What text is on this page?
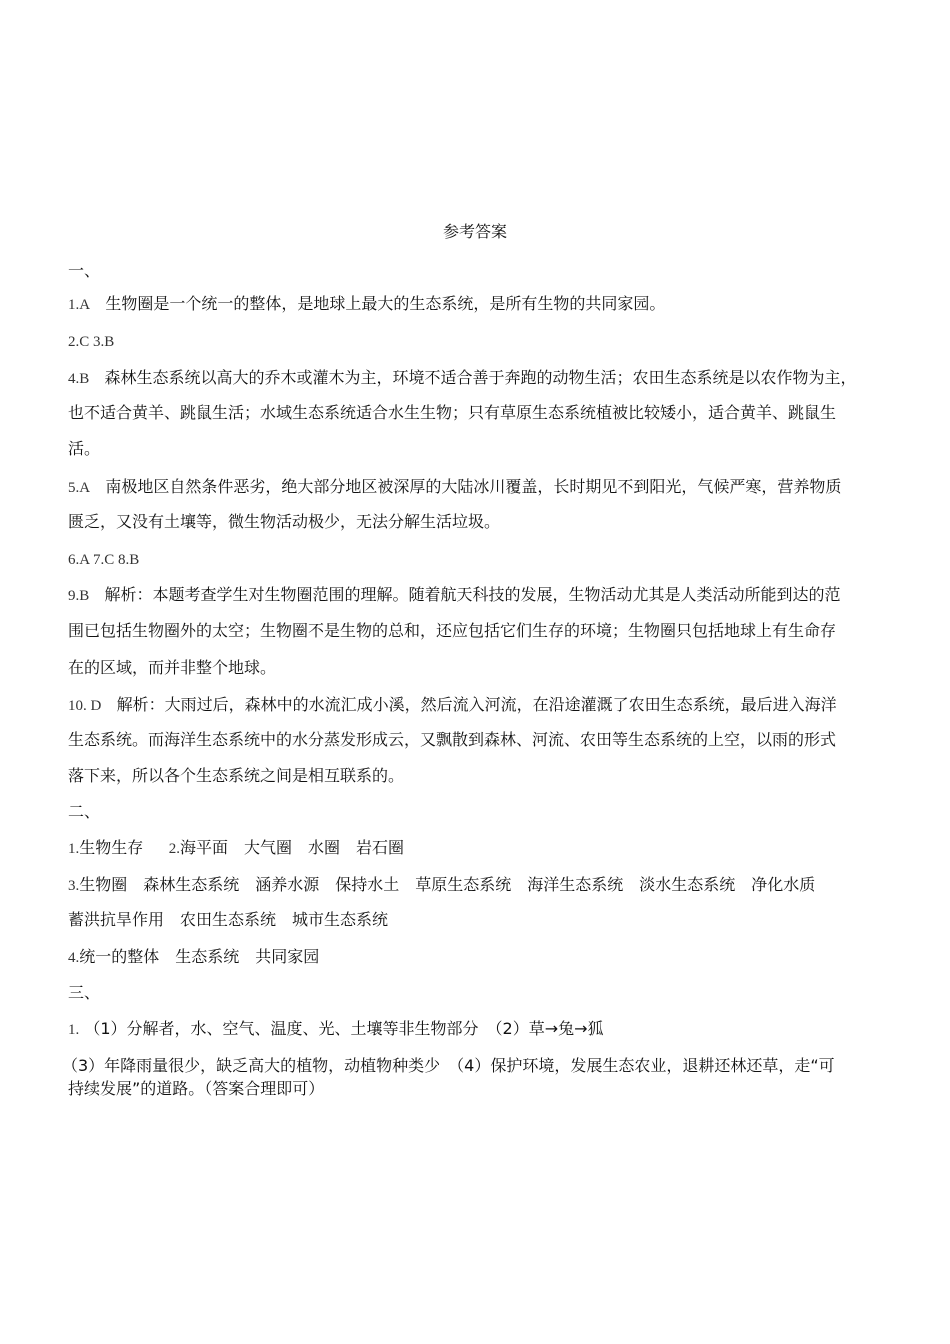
参考答案
一、
1.A 生物圈是一个统一的整体，是地球上最大的生态系统，是所有生物的共同家园。
2.C 3.B
4.B 森林生态系统以高大的乔木或灌木为主，环境不适合善于奔跑的动物生活；农田生态系统是以农作物为主，
也不适合黄羊、跳鼠生活；水域生态系统适合水生生物；只有草原生态系统植被比较矮小，适合黄羊、跳鼠生
活。
5.A 南极地区自然条件恶劣，绝大部分地区被深厚的大陆冰川覆盖，长时期见不到阳光，气候严寒，营养物质
匮乏，又没有土壤等，微生物活动极少，无法分解生活垃圾。
6.A 7.C 8.B
9.B 解析：本题考查学生对生物圈范围的理解。随着航天科技的发展，生物活动尤其是人类活动所能到达的范
围已包括生物圈外的太空；生物圈不是生物的总和，还应包括它们生存的环境；生物圈只包括地球上有生命存
在的区域，而并非整个地球。
10. D 解析：大雨过后，森林中的水流汇成小溪，然后流入河流，在沿途灌溉了农田生态系统，最后进入海洋
生态系统。而海洋生态系统中的水分蒸发形成云，又飘散到森林、河流、农田等生态系统的上空，以雨的形式
落下来，所以各个生态系统之间是相互联系的。
二、
1.生物生存 2.海平面　大气圈　水圈　岩石圈
3.生物圈　森林生态系统　涵养水源　保持水土　草原生态系统　海洋生态系统　淡水生态系统　净化水质
蓄洪抗旱作用　农田生态系统　城市生态系统
4.统一的整体　生态系统　共同家园
三、
1. （1）分解者，水、空气、温度、光、土壤等非生物部分　（2）草→兔→狐
（3）年降雨量很少，缺乏高大的植物，动植物种类少　（4）保护环境，发展生态农业，退耕还林还草，走“可
持续发展”的道路。（答案合理即可）
